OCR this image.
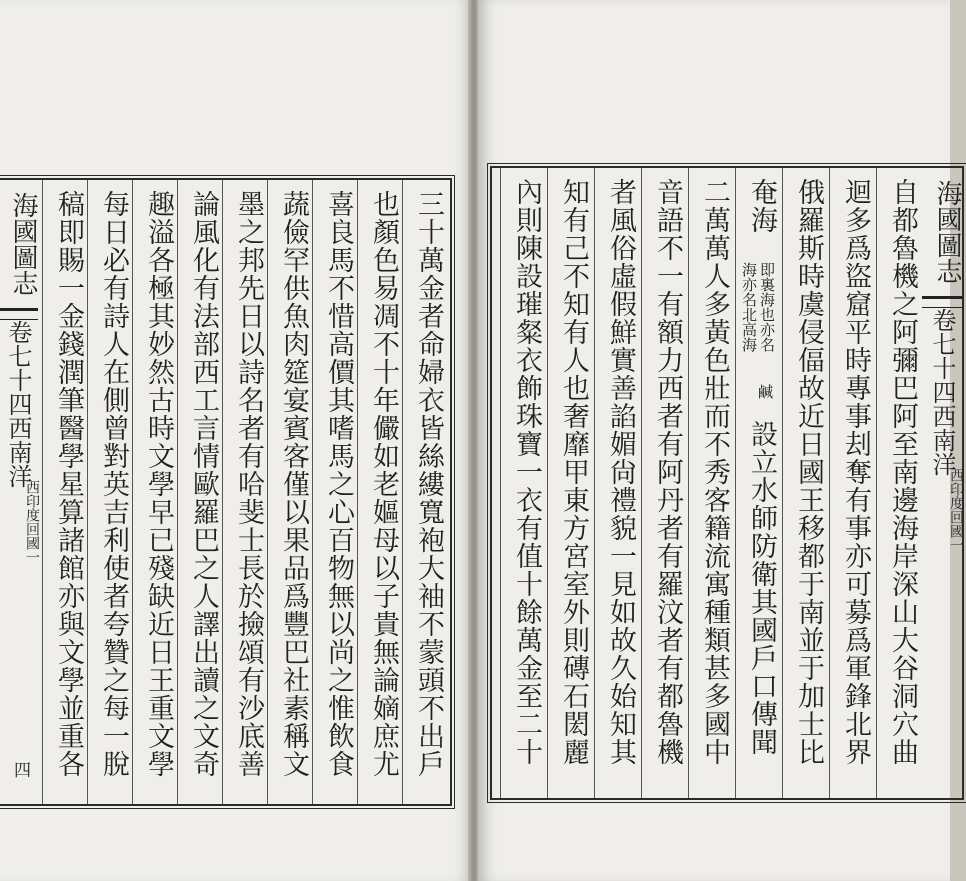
海國圖志
卷七十四西南洋
西印度回國一
四	三十萬金者命婦衣皆絲縷寬袍大袖不蒙頭不出戶
也顏色易凋不十年儼如老嫗母以子貴無論嫡庶尤
喜良馬不惜高價其嗜馬之心百物無以尚之惟飲食
蔬儉罕供魚肉筵宴賓客僅以果品爲豐巴社素稱文
墨之邦先日以詩名者有哈斐士長於撿頌有沙底善
論風化有法部西工言情歐羅巴之人譯出讀之文奇
趣溢各極其妙然古時文學早已殘缺近日王重文學
每日必有詩人在側曾對英吉利使者夸贊之每一脫
稿即賜一金錢潤筆醫學星算諸館亦與文學並重各	海國圖志
卷七十四西南洋
西印度回國一
自都魯機之阿彌巴阿至南邊海岸深山大谷洞穴曲
迴多爲盜窟平時專事刦奪有事亦可募爲軍鋒北界
俄羅斯時虞侵偪故近日國王移都于南並于加士比
奄海
即裏海也亦名
海亦名北高海
鹹
設立水師防衛其國戶口傳聞
二萬萬人多黃色壯而不秀客籍流寓種類甚多國中
音語不一有額力西者有阿丹者有羅汶者有都魯機
者風俗虛假鮮實善諂媚尙禮貌一見如故久始知其
知有己不知有人也奢靡甲東方宮室外則磚石閎麗
內則陳設璀粲衣飾珠寶一衣有值十餘萬金至二十
